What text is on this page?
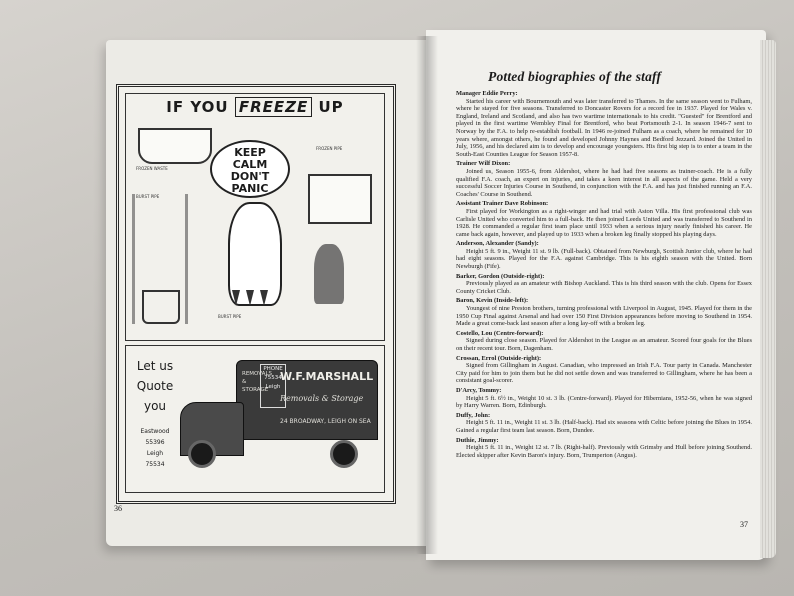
IF YOU FREEZE UP
FROZEN WASTE
FROZEN PIPE
BURST PIPE
BURST PIPE
KEEP
CALM
DON'T
PANIC
Let us
Quote
you
Eastwood
55396
Leigh
75534
REMOVALS
&
STORAGE
PHONE
75534
Leigh
W.F.MARSHALL
Removals & Storage
24 BROADWAY, LEIGH ON SEA
36
Potted biographies of the staff
Manager Eddie Perry:
Started his career with Bournemouth and was later transferred to Thames. In the same season went to Fulham, where he stayed for five seasons. Transferred to Doncaster Rovers for a record fee in 1937. Played for Wales v. England, Ireland and Scotland, and also has two wartime internationals to his credit. "Guested" for Brentford and played in the first wartime Wembley Final for Brentford, who beat Portsmouth 2-1. In season 1946-7 sent to Norway by the F.A. to help re-establish football. In 1946 re-joined Fulham as a coach, where he remained for 10 years where, amongst others, he found and developed Johnny Haynes and Bedford Jezzard. Joined the United in July, 1956, and his declared aim is to develop and encourage youngsters. His first big step is to enter a team in the South-East Counties League for Season 1957-8.
Trainer Wilf Dixon:
Joined us, Season 1955-6, from Aldershot, where he had had five seasons as trainer-coach. He is a fully qualified F.A. coach, an expert on injuries, and takes a keen interest in all aspects of the game. Held a very successful Soccer Injuries Course in Southend, in conjunction with the F.A. and has just finished running an F.A. Coaches' Course in Southend.
Assistant Trainer Dave Robinson:
First played for Workington as a right-winger and had trial with Aston Villa. His first professional club was Carlisle United who converted him to a full-back. He then joined Leeds United and was transferred to Southend in 1928. He commanded a regular first team place until 1933 when a serious injury nearly finished his career. He came back again, however, and played up to 1933 when a broken leg finally stopped his playing days.
Anderson, Alexander (Sandy):
Height 5 ft. 9 in., Weight 11 st. 9 lb. (Full-back). Obtained from Newburgh, Scottish Junior club, where he had had eight seasons. Played for the F.A. against Cambridge. This is his eighth season with the United. Born Newburgh (Fife).
Barker, Gordon (Outside-right):
Previously played as an amateur with Bishop Auckland. This is his third season with the club. Opens for Essex County Cricket Club.
Baron, Kevin (Inside-left):
Youngest of nine Preston brothers, turning professional with Liverpool in August, 1945. Played for them in the 1950 Cup Final against Arsenal and had over 150 First Division appearances before moving to Southend in 1954. Made a great come-back last season after a long lay-off with a broken leg.
Costello, Lou (Centre-forward):
Signed during close season. Played for Aldershot in the League as an amateur. Scored four goals for the Blues on their recent tour. Born, Dagenham.
Crossan, Errol (Outside-right):
Signed from Gillingham in August. Canadian, who impressed an Irish F.A. Tour party in Canada. Manchester City paid for him to join them but he did not settle down and was transferred to Gillingham, where he has been a consistant goal-scorer.
D'Arcy, Tommy:
Height 5 ft. 6½ in., Weight 10 st. 3 lb. (Centre-forward). Played for Hibernians, 1952-56, when he was signed by Harry Warren. Born, Edinburgh.
Duffy, John:
Height 5 ft. 11 in., Weight 11 st. 3 lb. (Half-back). Had six seasons with Celtic before joining the Blues in 1954. Gained a regular first team last season. Born, Dundee.
Duthie, Jimmy:
Height 5 ft. 11 in., Weight 12 st. 7 lb. (Right-half). Previously with Grimsby and Hull before joining Southend. Elected skipper after Kevin Baron's injury. Born, Trumperton (Angus).
37
